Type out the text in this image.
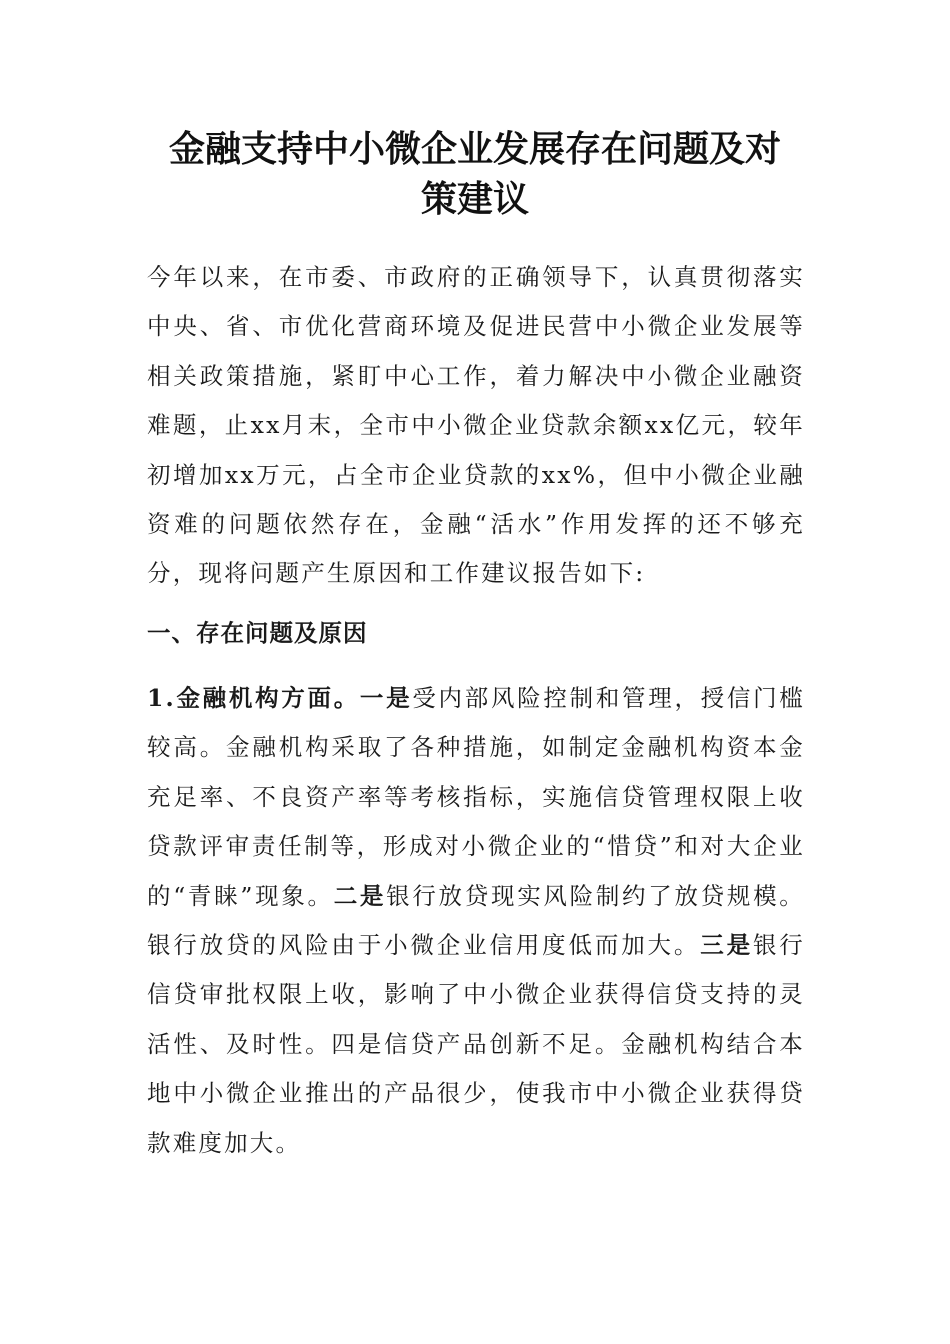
金融支持中小微企业发展存在问题及对
策建议

今年以来，在市委、市政府的正确领导下，认真贯彻落实中央、省、市优化营商环境及促进民营中小微企业发展等相关政策措施，紧盯中心工作，着力解决中小微企业融资难题，止xx月末，全市中小微企业贷款余额xx亿元，较年初增加xx万元，占全市企业贷款的xx%，但中小微企业融资难的问题依然存在，金融“活水”作用发挥的还不够充分，现将问题产生原因和工作建议报告如下:

一、存在问题及原因

1.金融机构方面。一是受内部风险控制和管理，授信门槛较高。金融机构采取了各种措施，如制定金融机构资本金充足率、不良资产率等考核指标，实施信贷管理权限上收贷款评审责任制等，形成对小微企业的“惜贷”和对大企业的“青睐”现象。二是银行放贷现实风险制约了放贷规模。银行放贷的风险由于小微企业信用度低而加大。三是银行信贷审批权限上收，影响了中小微企业获得信贷支持的灵活性、及时性。四是信贷产品创新不足。金融机构结合本地中小微企业推出的产品很少，使我市中小微企业获得贷款难度加大。
